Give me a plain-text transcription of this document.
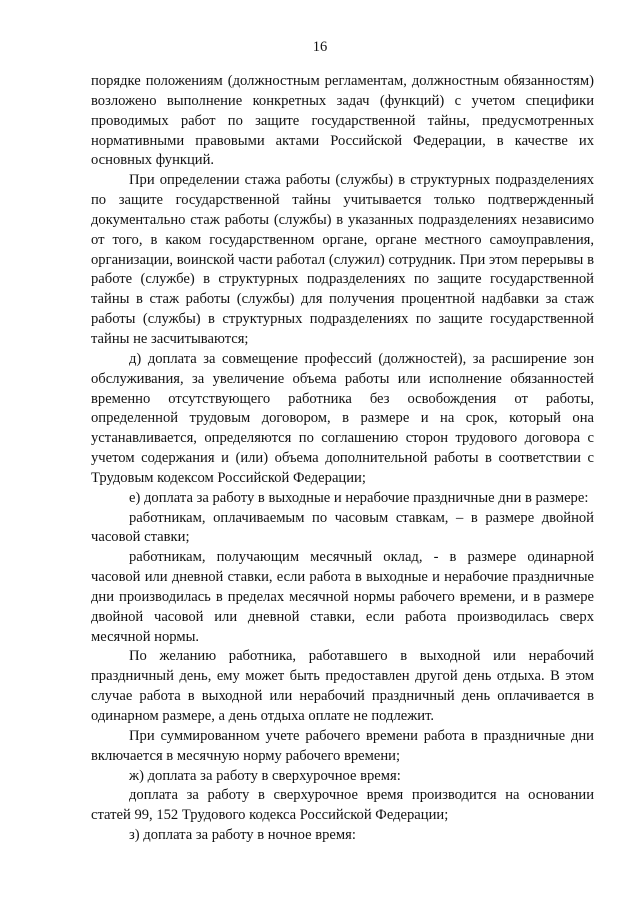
16

порядке положениям (должностным регламентам, должностным обязанностям) возложено выполнение конкретных задач (функций) с учетом специфики проводимых работ по защите государственной тайны, предусмотренных нормативными правовыми актами Российской Федерации, в качестве их основных функций.

При определении стажа работы (службы) в структурных подразделениях по защите государственной тайны учитывается только подтвержденный документально стаж работы (службы) в указанных подразделениях независимо от того, в каком государственном органе, органе местного самоуправления, организации, воинской части работал (служил) сотрудник. При этом перерывы в работе (службе) в структурных подразделениях по защите государственной тайны в стаж работы (службы) для получения процентной надбавки за стаж работы (службы) в структурных подразделениях по защите государственной тайны не засчитываются;

д) доплата за совмещение профессий (должностей), за расширение зон обслуживания, за увеличение объема работы или исполнение обязанностей временно отсутствующего работника без освобождения от работы, определенной трудовым договором, в размере и на срок, который она устанавливается, определяются по соглашению сторон трудового договора с учетом содержания и (или) объема дополнительной работы в соответствии с Трудовым кодексом Российской Федерации;

е) доплата за работу в выходные и нерабочие праздничные дни в размере:

работникам, оплачиваемым по часовым ставкам, – в размере двойной часовой ставки;

работникам, получающим месячный оклад, - в размере одинарной часовой или дневной ставки, если работа в выходные и нерабочие праздничные дни производилась в пределах месячной нормы рабочего времени, и в размере двойной часовой или дневной ставки, если работа производилась сверх месячной нормы.

По желанию работника, работавшего в выходной или нерабочий праздничный день, ему может быть предоставлен другой день отдыха. В этом случае работа в выходной или нерабочий праздничный день оплачивается в одинарном размере, а день отдыха оплате не подлежит.

При суммированном учете рабочего времени работа в праздничные дни включается в месячную норму рабочего времени;

ж) доплата за работу в сверхурочное время:

доплата за работу в сверхурочное время производится на основании статей 99, 152 Трудового кодекса Российской Федерации;

з) доплата за работу в ночное время:
